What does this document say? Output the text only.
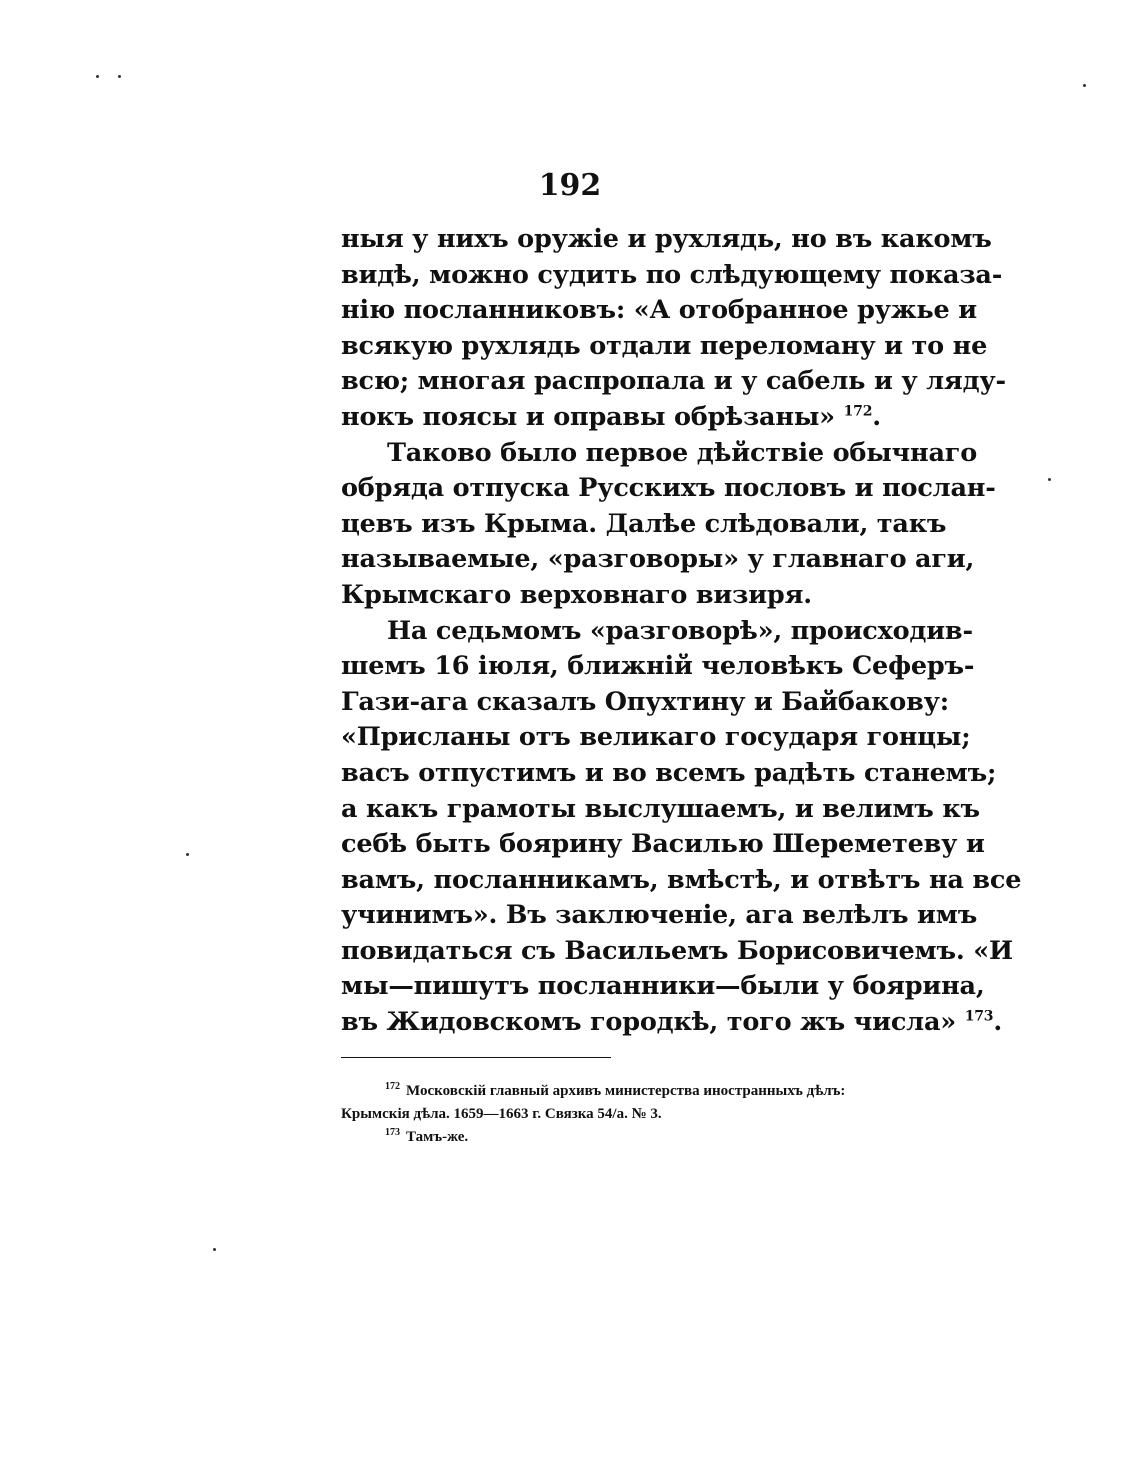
192

ныя у нихъ оружіе и рухлядь, но въ какомъ
видѣ, можно судить по слѣдующему показа-
нію посланниковъ: «А отобранное ружье и
всякую рухлядь отдали переломану и то не
всю; многая распропала и у сабель и у ляду-
нокъ поясы и оправы обрѣзаны» $^{172}$.

Таково было первое дѣйствіе обычнаго
обряда отпуска Русскихъ пословъ и послан-
цевъ изъ Крыма. Далѣе слѣдовали, такъ
называемые, «разговоры» у главнаго аги,
Крымскаго верховнаго визиря.

На седьмомъ «разговорѣ», происходив-
шемъ 16 іюля, ближній человѣкъ Сеферъ-
Гази-ага сказалъ Опухтину и Байбакову:
«Присланы отъ великаго государя гонцы;
васъ отпустимъ и во всемъ радѣть станемъ;
а какъ грамоты выслушаемъ, и велимъ къ
себѣ быть боярину Василью Шереметеву и
вамъ, посланникамъ, вмѣстѣ, и отвѣтъ на все
учинимъ». Въ заключеніе, ага велѣлъ имъ
повидаться съ Васильемъ Борисовичемъ. «И
мы—пишутъ посланники—были у боярина,
въ Жидовскомъ городкѣ, того жъ числа» $^{173}$.

$^{172}$ Московскій главный архивъ министерства иностранныхъ дѣлъ:
Крымскія дѣла. 1659—1663 г. Связка 54/а. № 3.
$^{173}$ Тамъ-же.
